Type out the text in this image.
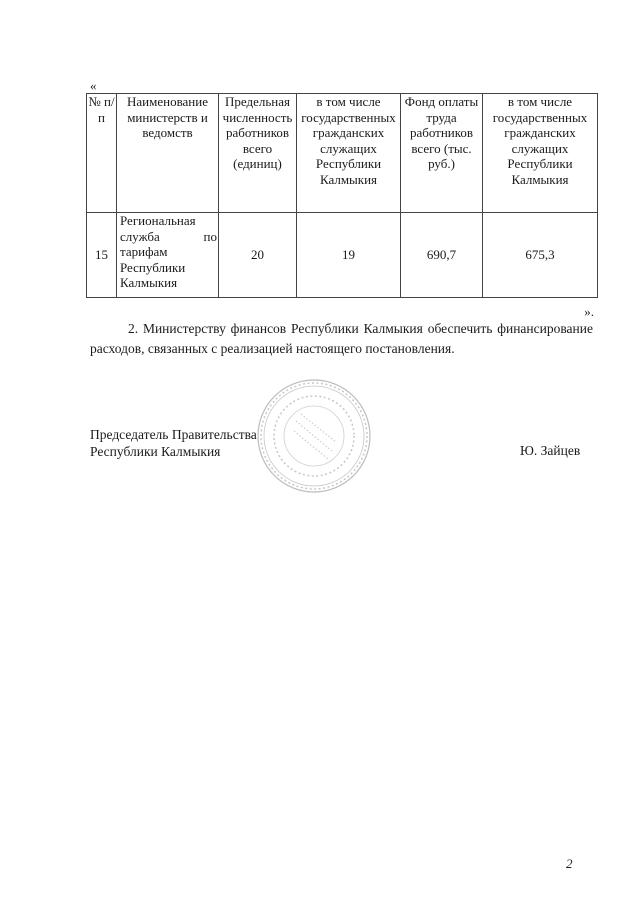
«
№ п/п	Наименование министерств и ведомств	Предельная численность работников всего (единиц)	в том числе государственных гражданских служащих Республики Калмыкия	Фонд оплаты труда работников всего (тыс. руб.)	в том числе государственных гражданских служащих Республики Калмыкия
15	Региональная служба по тарифам Республики Калмыкия	20	19	690,7	675,3
».
2. Министерству финансов Республики Калмыкия обеспечить финансирование расходов, связанных с реализацией настоящего постановления.
Председатель Правительства
Республики Калмыкия	Ю. Зайцев
2
